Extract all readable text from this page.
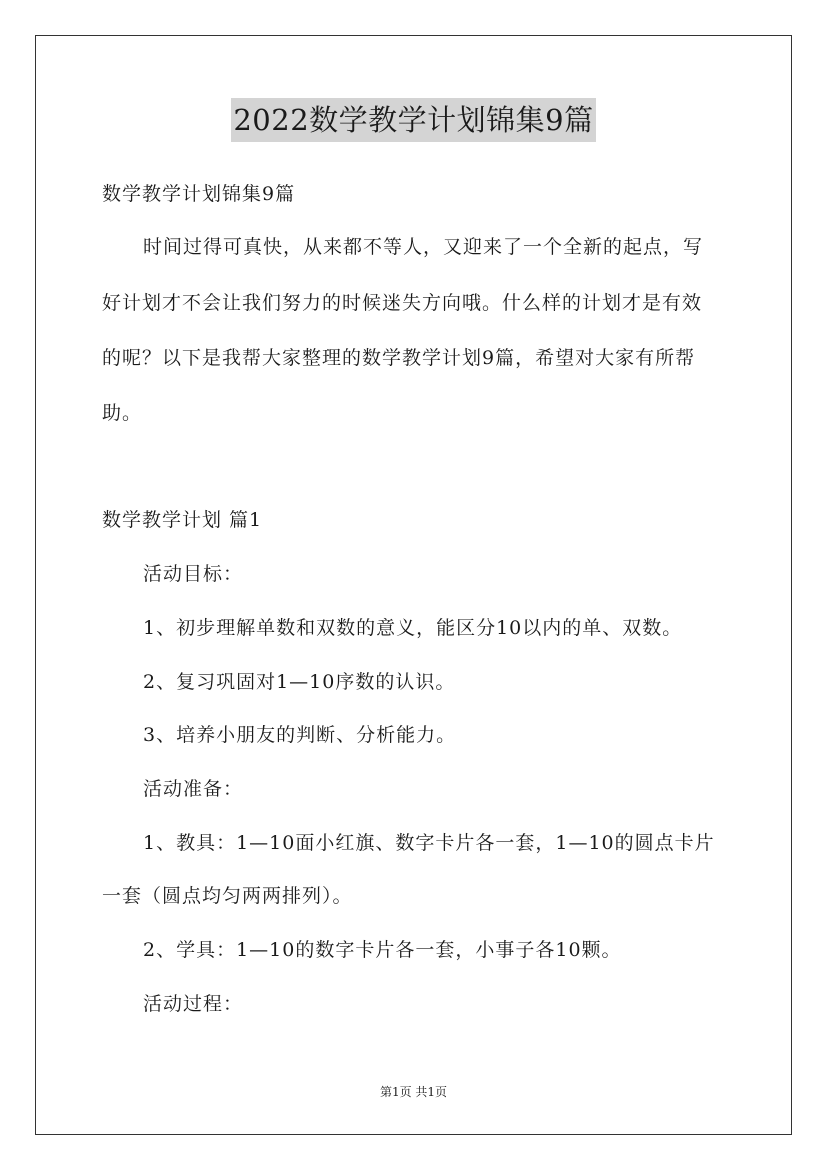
2022数学教学计划锦集9篇
数学教学计划锦集9篇
时间过得可真快，从来都不等人，又迎来了一个全新的起点，写
好计划才不会让我们努力的时候迷失方向哦。什么样的计划才是有效
的呢？以下是我帮大家整理的数学教学计划9篇，希望对大家有所帮
助。
数学教学计划 篇1
活动目标：
1、初步理解单数和双数的意义，能区分10以内的单、双数。
2、复习巩固对1—10序数的认识。
3、培养小朋友的判断、分析能力。
活动准备：
1、教具：1—10面小红旗、数字卡片各一套，1—10的圆点卡片
一套（圆点均匀两两排列）。
2、学具：1—10的数字卡片各一套，小事子各10颗。
活动过程：
第1页 共1页
